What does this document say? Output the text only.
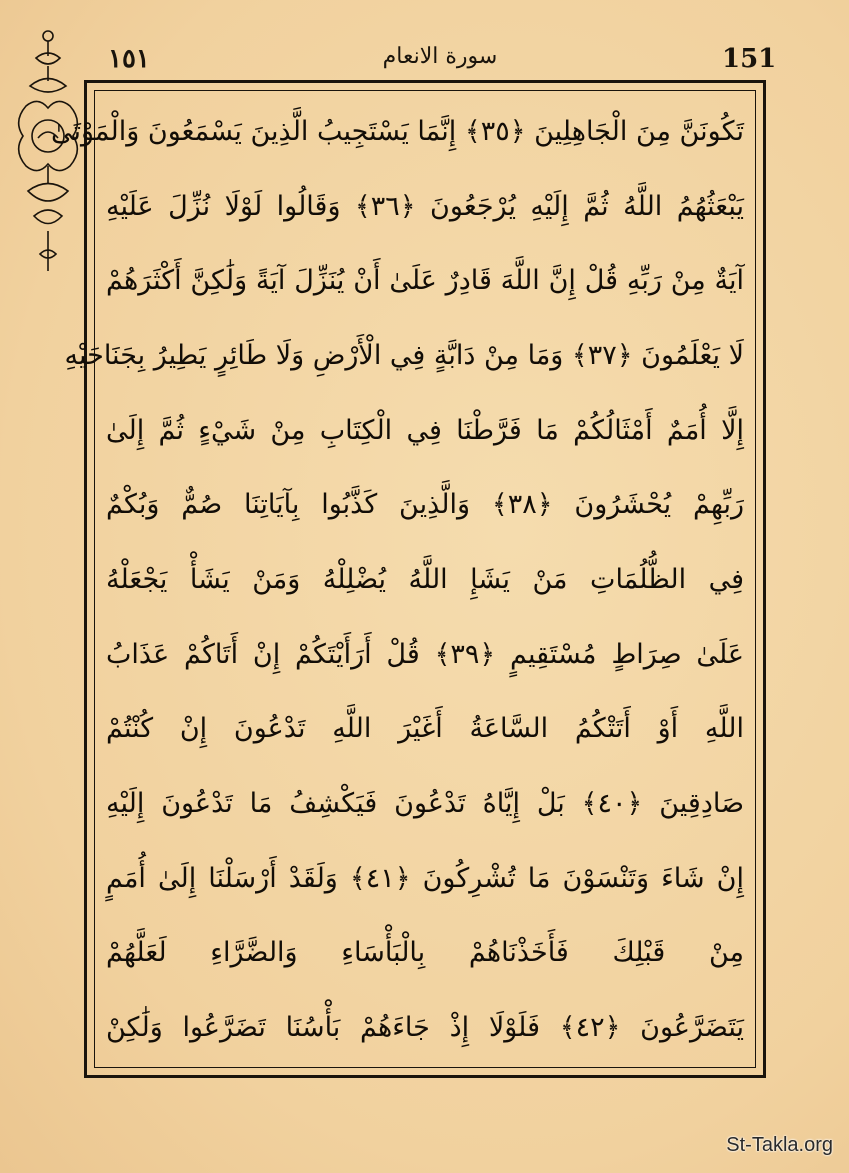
١٥١	سورة الانعام	151
تَكُونَنَّ مِنَ الْجَاهِلِينَ ﴿٣٥﴾ إِنَّمَا يَسْتَجِيبُ الَّذِينَ يَسْمَعُونَ وَالْمَوْتَىٰ
يَبْعَثُهُمُ اللَّهُ ثُمَّ إِلَيْهِ يُرْجَعُونَ ﴿٣٦﴾ وَقَالُوا لَوْلَا نُزِّلَ عَلَيْهِ
آيَةٌ مِنْ رَبِّهِ قُلْ إِنَّ اللَّهَ قَادِرٌ عَلَىٰ أَنْ يُنَزِّلَ آيَةً وَلَٰكِنَّ أَكْثَرَهُمْ
لَا يَعْلَمُونَ ﴿٣٧﴾ وَمَا مِنْ دَابَّةٍ فِي الْأَرْضِ وَلَا طَائِرٍ يَطِيرُ بِجَنَاحَيْهِ
إِلَّا أُمَمٌ أَمْثَالُكُمْ مَا فَرَّطْنَا فِي الْكِتَابِ مِنْ شَيْءٍ ثُمَّ إِلَىٰ
رَبِّهِمْ يُحْشَرُونَ ﴿٣٨﴾ وَالَّذِينَ كَذَّبُوا بِآيَاتِنَا صُمٌّ وَبُكْمٌ
فِي الظُّلُمَاتِ مَنْ يَشَإِ اللَّهُ يُضْلِلْهُ وَمَنْ يَشَأْ يَجْعَلْهُ
عَلَىٰ صِرَاطٍ مُسْتَقِيمٍ ﴿٣٩﴾ قُلْ أَرَأَيْتَكُمْ إِنْ أَتَاكُمْ عَذَابُ
اللَّهِ أَوْ أَتَتْكُمُ السَّاعَةُ أَغَيْرَ اللَّهِ تَدْعُونَ إِنْ كُنْتُمْ
صَادِقِينَ ﴿٤٠﴾ بَلْ إِيَّاهُ تَدْعُونَ فَيَكْشِفُ مَا تَدْعُونَ إِلَيْهِ
إِنْ شَاءَ وَتَنْسَوْنَ مَا تُشْرِكُونَ ﴿٤١﴾ وَلَقَدْ أَرْسَلْنَا إِلَىٰ أُمَمٍ
مِنْ قَبْلِكَ فَأَخَذْنَاهُمْ بِالْبَأْسَاءِ وَالضَّرَّاءِ لَعَلَّهُمْ
يَتَضَرَّعُونَ ﴿٤٢﴾ فَلَوْلَا إِذْ جَاءَهُمْ بَأْسُنَا تَضَرَّعُوا وَلَٰكِنْ
St-Takla.org
